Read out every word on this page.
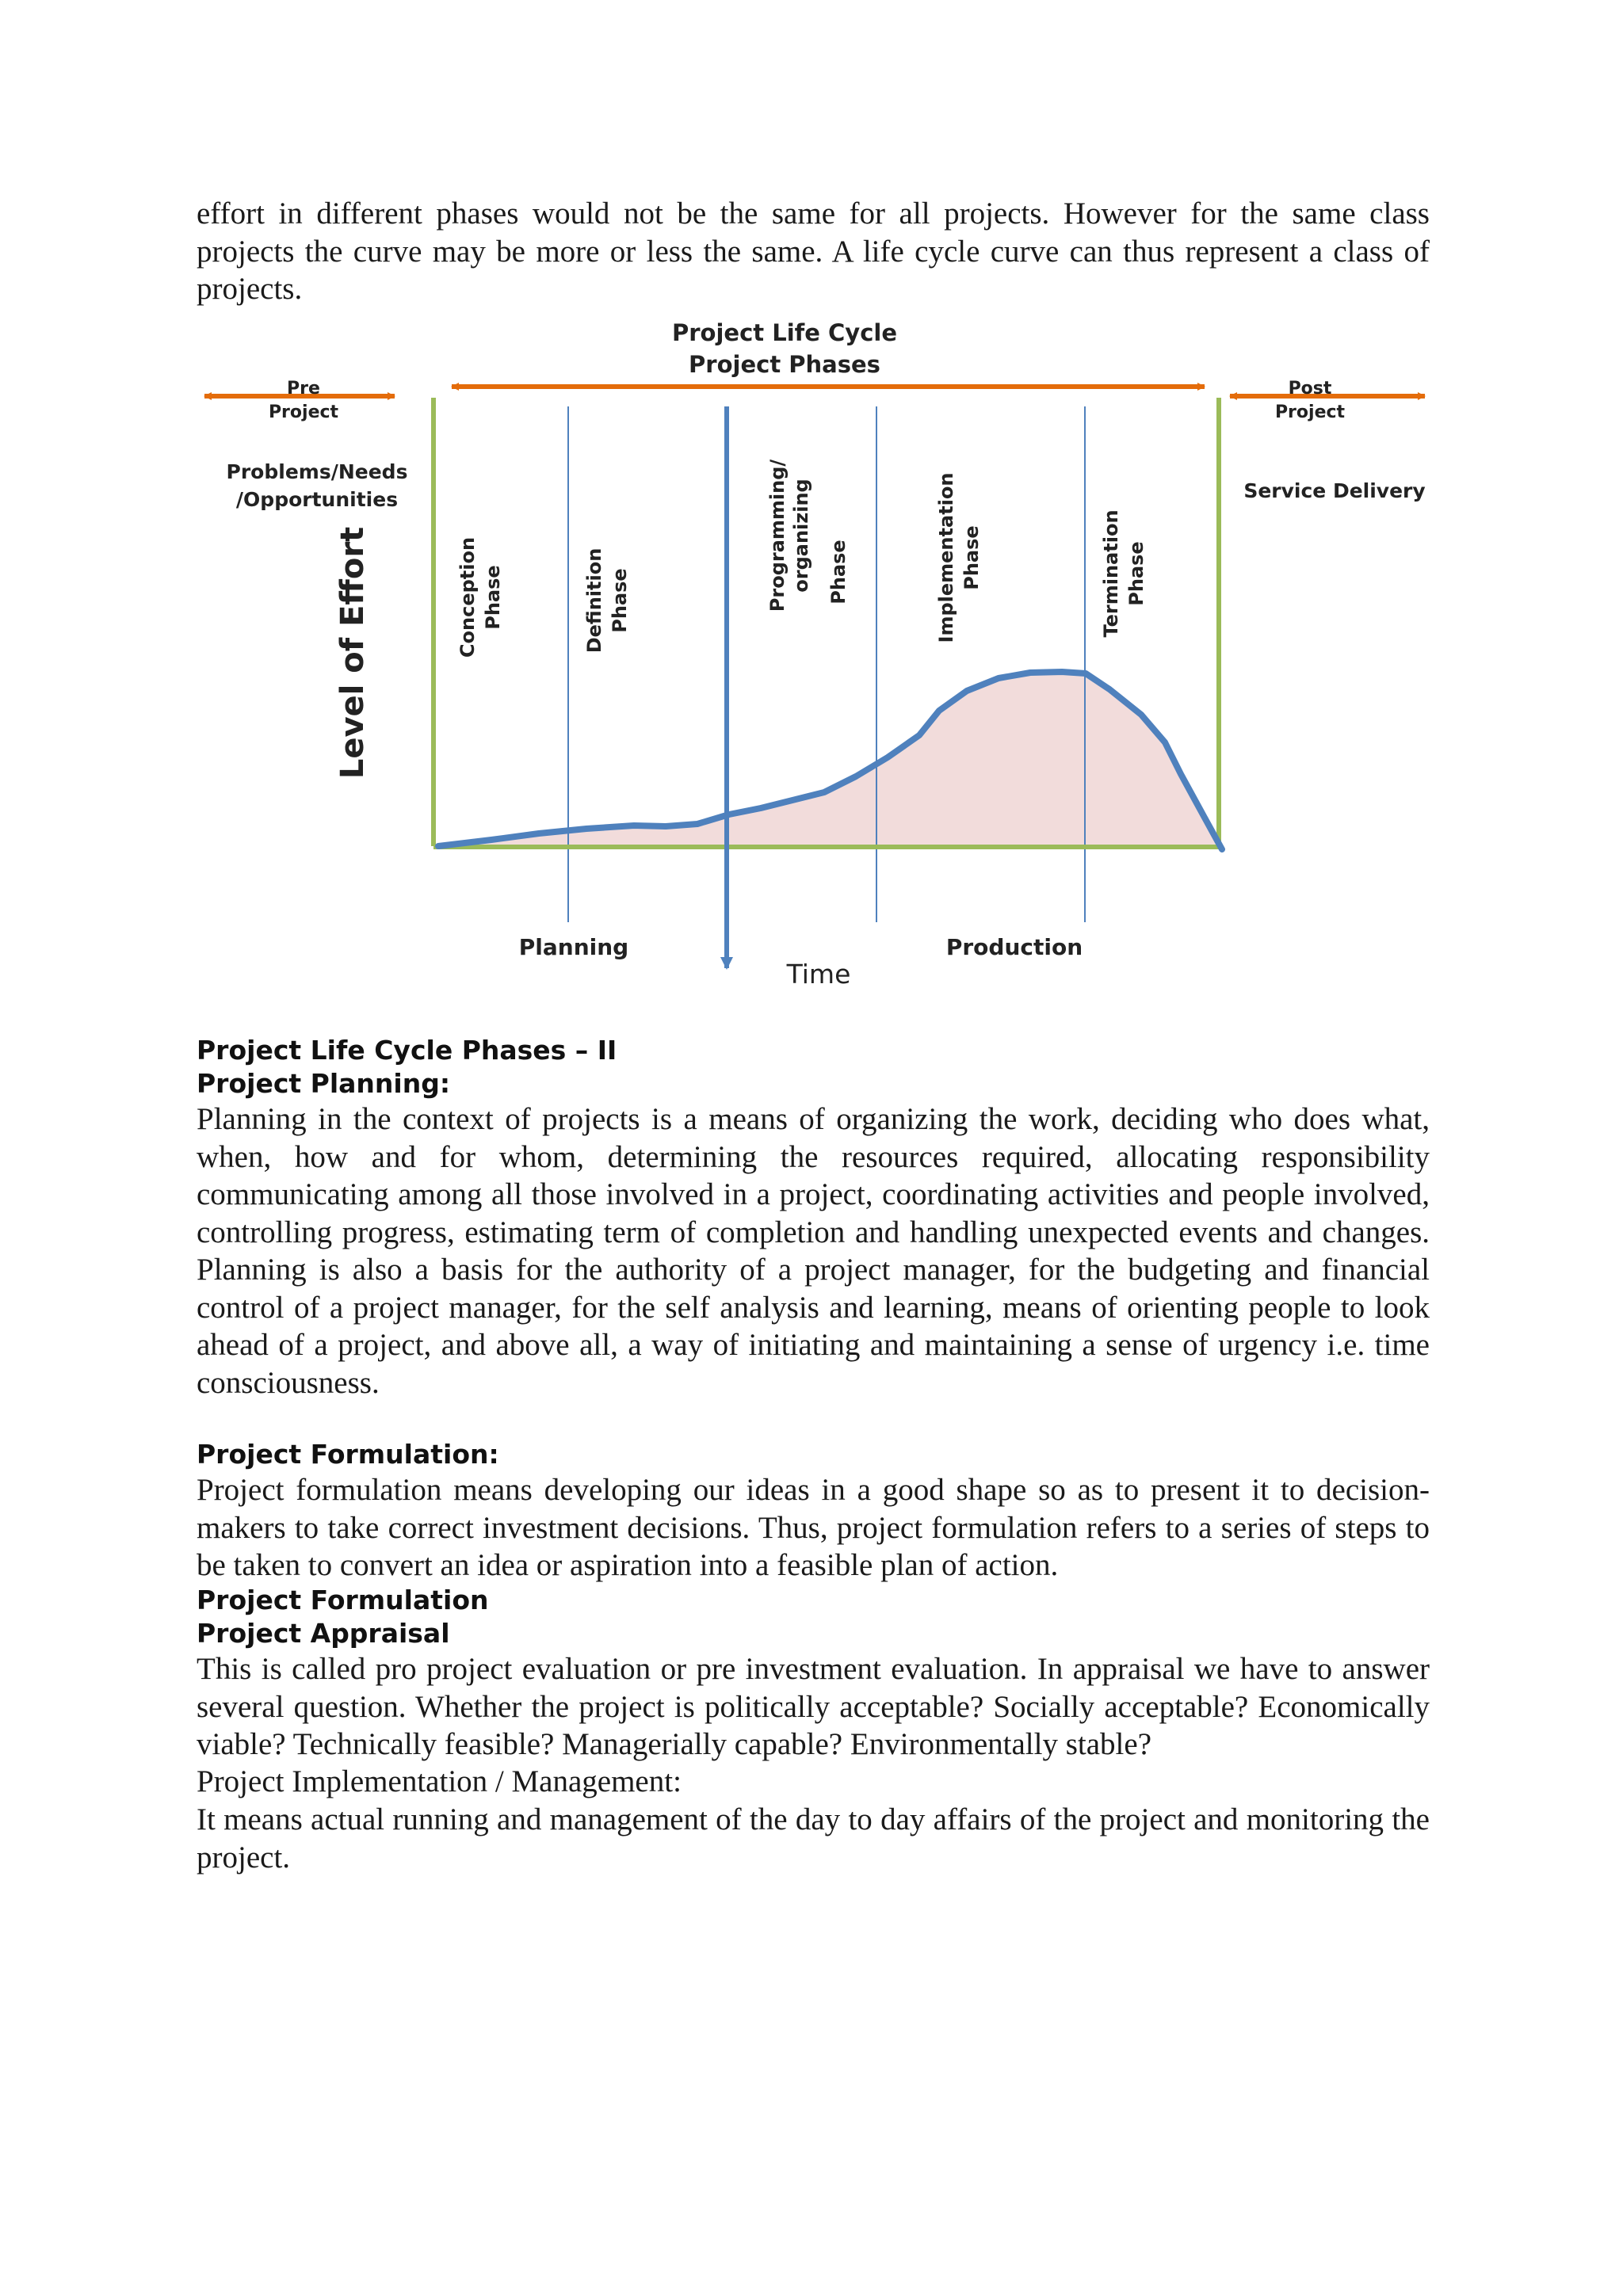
effort in different phases would not be the same for all projects. However for the same class projects the curve may be more or less the same. A life cycle curve can thus represent a class of projects.

Project Life Cycle
Project Phases
Pre
Project
Post
Project
Problems/Needs
/Opportunities	Service Delivery
Level of Effort	Conception Phase	Definition Phase	Programming/ organizing Phase	Implementation Phase	Termination Phase
Planning	Production
Time
Project Life Cycle Phases – II
Project Planning:

Planning in the context of projects is a means of organizing the work, deciding who does what, when, how and for whom, determining the resources required, allocating responsibility communicating among all those involved in a project, coordinating activities and people involved, controlling progress, estimating term of completion and handling unexpected events and changes. Planning is also a basis for the authority of a project manager, for the budgeting and financial control of a project manager, for the self analysis and learning, means of orienting people to look ahead of a project, and above all, a way of initiating and maintaining a sense of urgency i.e. time consciousness.

Project Formulation:

Project formulation means developing our ideas in a good shape so as to present it to decision-makers to take correct investment decisions. Thus, project formulation refers to a series of steps to be taken to convert an idea or aspiration into a feasible plan of action.

Project Formulation
Project Appraisal

This is called pro project evaluation or pre investment evaluation. In appraisal we have to answer several question. Whether the project is politically acceptable? Socially acceptable? Economically viable? Technically feasible? Managerially capable? Environmentally stable?

Project Implementation / Management:

It means actual running and management of the day to day affairs of the project and monitoring the project.
